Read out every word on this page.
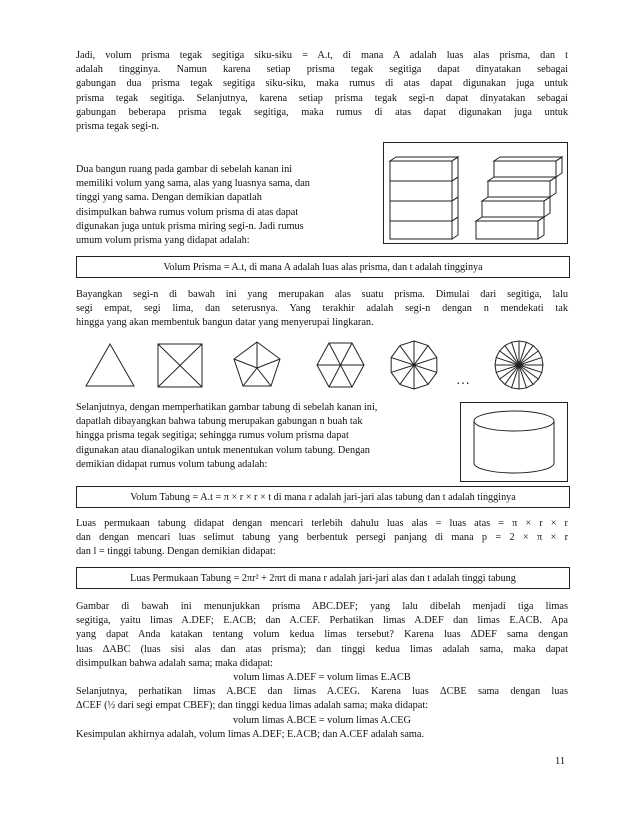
Jadi, volum prisma tegak segitiga siku-siku = A.t, di mana A adalah luas alas prisma, dan t
adalah tingginya. Namun karena setiap prisma tegak segitiga dapat dinyatakan sebagai
gabungan dua prisma tegak segitiga siku-siku, maka rumus di atas dapat digunakan juga untuk
prisma tegak segitiga. Selanjutnya, karena setiap prisma tegak segi-n dapat dinyatakan sebagai
gabungan beberapa prisma tegak segitiga, maka rumus di atas dapat digunakan juga untuk
prisma tegak segi-n.
Dua bangun ruang pada gambar di sebelah kanan ini
memiliki volum yang sama, alas yang luasnya sama, dan
tinggi yang sama. Dengan demikian dapatlah
disimpulkan bahwa rumus volum prisma di atas dapat
digunakan juga untuk prisma miring segi-n. Jadi rumus
umum volum prisma yang didapat adalah:
Volum Prisma = A.t, di mana A adalah luas alas prisma, dan t adalah tingginya
Bayangkan segi-n di bawah ini yang merupakan alas suatu prisma. Dimulai dari segitiga, lalu
segi empat, segi lima, dan seterusnya. Yang terakhir adalah segi-n dengan n mendekati tak
hingga yang akan membentuk bangun datar yang menyerupai lingkaran.
…
Selanjutnya, dengan memperhatikan gambar tabung di sebelah kanan ini,
dapatlah dibayangkan bahwa tabung merupakan gabungan n buah tak
hingga prisma tegak segitiga; sehingga rumus volum prisma dapat
digunakan atau dianalogikan untuk menentukan volum tabung. Dengan
demikian didapat rumus volum tabung adalah:
Volum Tabung = A.t = π × r × r × t di mana r adalah jari-jari alas tabung dan t adalah tingginya
Luas permukaan tabung didapat dengan mencari terlebih dahulu luas alas = luas atas = π × r × r
dan dengan mencari luas selimut tabung yang berbentuk persegi panjang di mana p = 2 × π × r
dan l = tinggi tabung. Dengan demikian didapat:
Luas Permukaan Tabung = 2πr² + 2πrt di mana r adalah jari-jari alas dan t adalah tinggi tabung
Gambar di bawah ini menunjukkan prisma ABC.DEF; yang lalu dibelah menjadi tiga limas
segitiga, yaitu limas A.DEF; E.ACB; dan A.CEF. Perhatikan limas A.DEF dan limas E.ACB. Apa
yang dapat Anda katakan tentang volum kedua limas tersebut? Karena luas ΔDEF sama dengan
luas ΔABC (luas sisi alas dan atas prisma); dan tinggi kedua limas adalah sama, maka dapat
disimpulkan bahwa adalah sama; maka didapat:
volum limas A.DEF = volum limas E.ACB
Selanjutnya, perhatikan limas A.BCE dan limas A.CEG. Karena luas ΔCBE sama dengan luas
ΔCEF (½ dari segi empat CBEF); dan tinggi kedua limas adalah sama; maka didapat:
volum limas A.BCE = volum limas A.CEG
Kesimpulan akhirnya adalah, volum limas A.DEF; E.ACB; dan A.CEF adalah sama.
11
